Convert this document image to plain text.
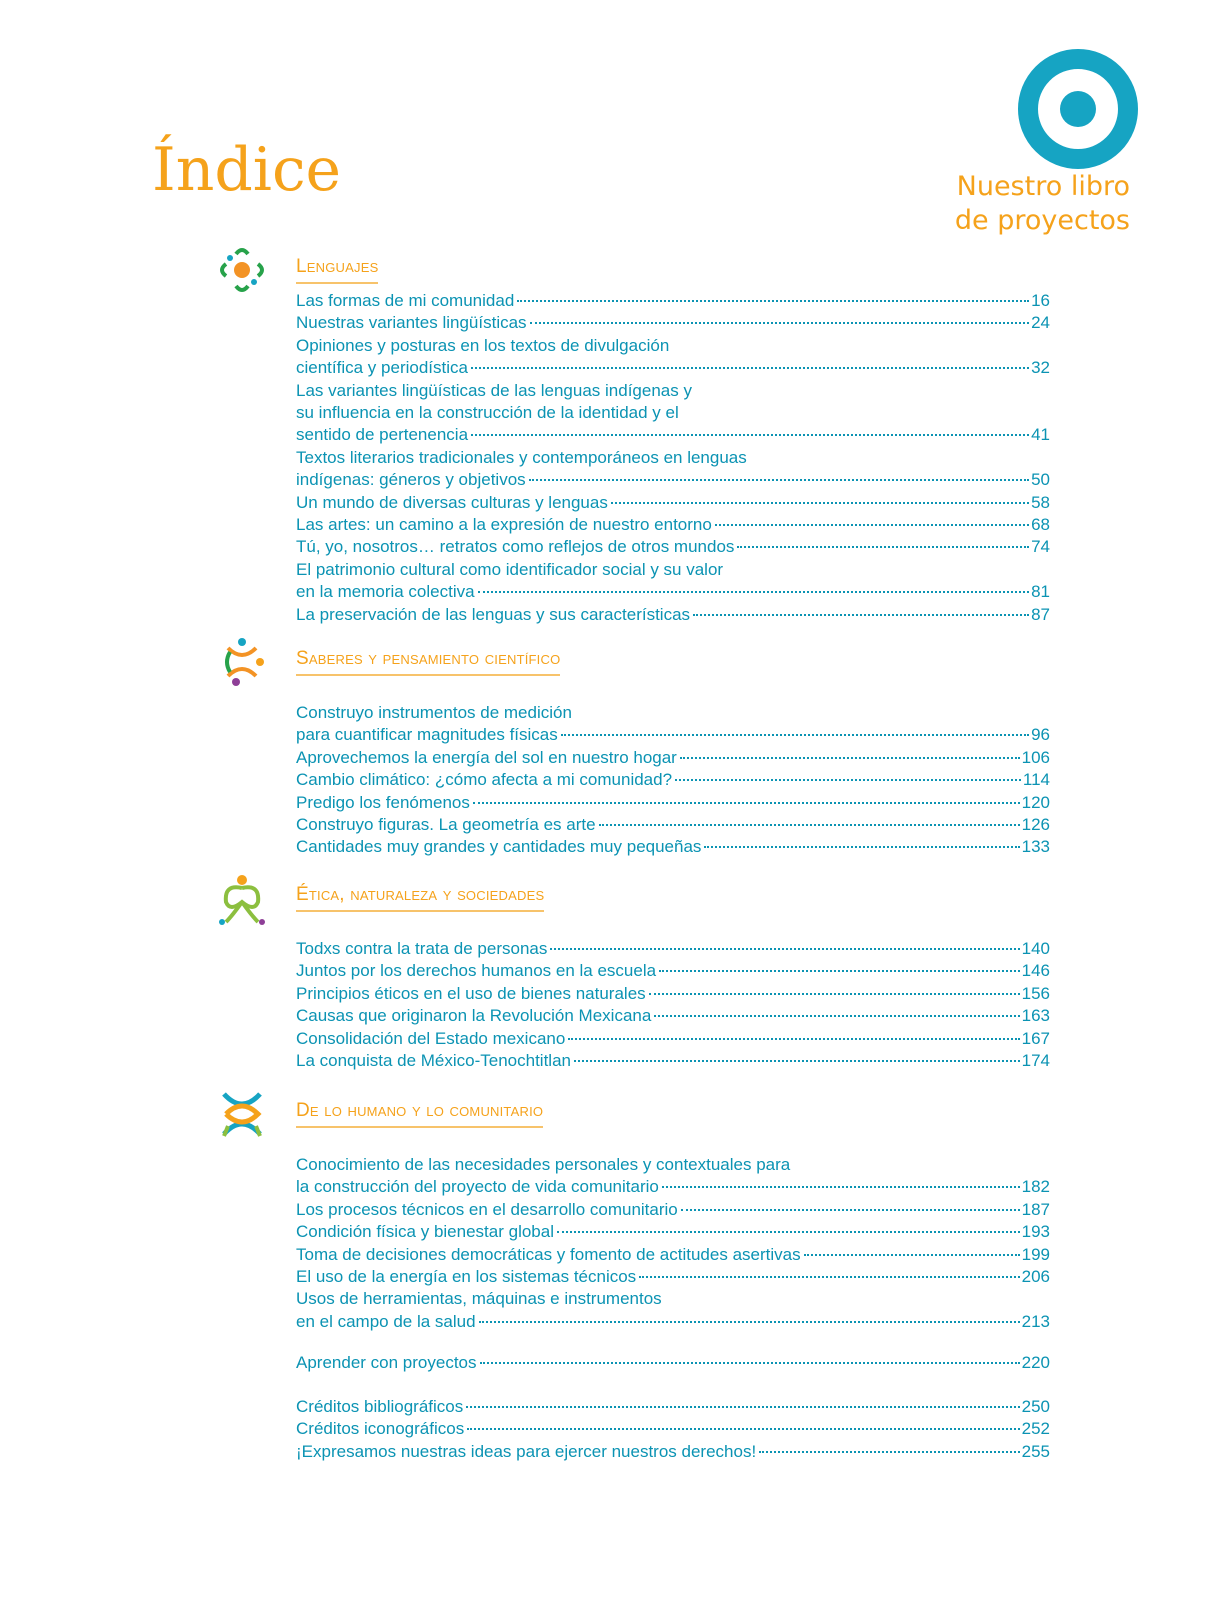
Índice	Nuestro libro
de proyectos
Lenguajes
Las formas de mi comunidad	16
Nuestras variantes lingüísticas	24
Opiniones y posturas en los textos de divulgación
científica y periodística	32
Las variantes lingüísticas de las lenguas indígenas y
su influencia en la construcción de la identidad y el
sentido de pertenencia	41
Textos literarios tradicionales y contemporáneos en lenguas
indígenas: géneros y objetivos	50
Un mundo de diversas culturas y lenguas	58
Las artes: un camino a la expresión de nuestro entorno	68
Tú, yo, nosotros… retratos como reflejos de otros mundos	74
El patrimonio cultural como identificador social y su valor
en la memoria colectiva	81
La preservación de las lenguas y sus características	87
Saberes y pensamiento científico
Construyo instrumentos de medición
para cuantificar magnitudes físicas	96
Aprovechemos la energía del sol en nuestro hogar	106
Cambio climático: ¿cómo afecta a mi comunidad?	114
Predigo los fenómenos	120
Construyo figuras. La geometría es arte	126
Cantidades muy grandes y cantidades muy pequeñas	133
Ética, naturaleza y sociedades
Todxs contra la trata de personas	140
Juntos por los derechos humanos en la escuela	146
Principios éticos en el uso de bienes naturales	156
Causas que originaron la Revolución Mexicana	163
Consolidación del Estado mexicano	167
La conquista de México-Tenochtitlan	174
De lo humano y lo comunitario
Conocimiento de las necesidades personales y contextuales para
la construcción del proyecto de vida comunitario	182
Los procesos técnicos en el desarrollo comunitario	187
Condición física y bienestar global	193
Toma de decisiones democráticas y fomento de actitudes asertivas	199
El uso de la energía en los sistemas técnicos	206
Usos de herramientas, máquinas e instrumentos
en el campo de la salud	213
Aprender con proyectos	220
Créditos bibliográficos	250
Créditos iconográficos	252
¡Expresamos nuestras ideas para ejercer nuestros derechos!	255
